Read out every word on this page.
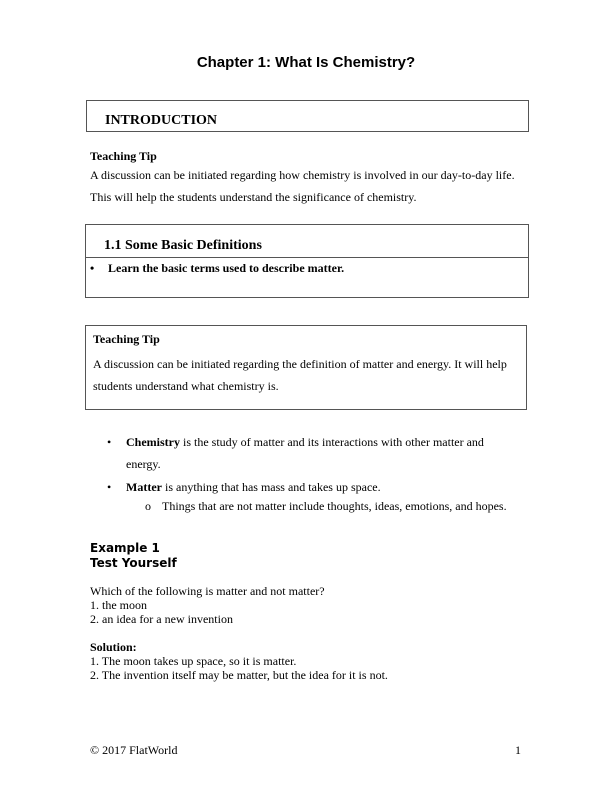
Chapter 1: What Is Chemistry?
INTRODUCTION
Teaching Tip
A discussion can be initiated regarding how chemistry is involved in our day-to-day life.
This will help the students understand the significance of chemistry.
1.1 Some Basic Definitions
• Learn the basic terms used to describe matter.
Teaching Tip
A discussion can be initiated regarding the definition of matter and energy. It will help
students understand what chemistry is.
• Chemistry is the study of matter and its interactions with other matter and
energy.
• Matter is anything that has mass and takes up space.
o Things that are not matter include thoughts, ideas, emotions, and hopes.
Example 1
Test Yourself
Which of the following is matter and not matter?
1. the moon
2. an idea for a new invention
Solution:
1. The moon takes up space, so it is matter.
2. The invention itself may be matter, but the idea for it is not.
© 2017 FlatWorld	1
